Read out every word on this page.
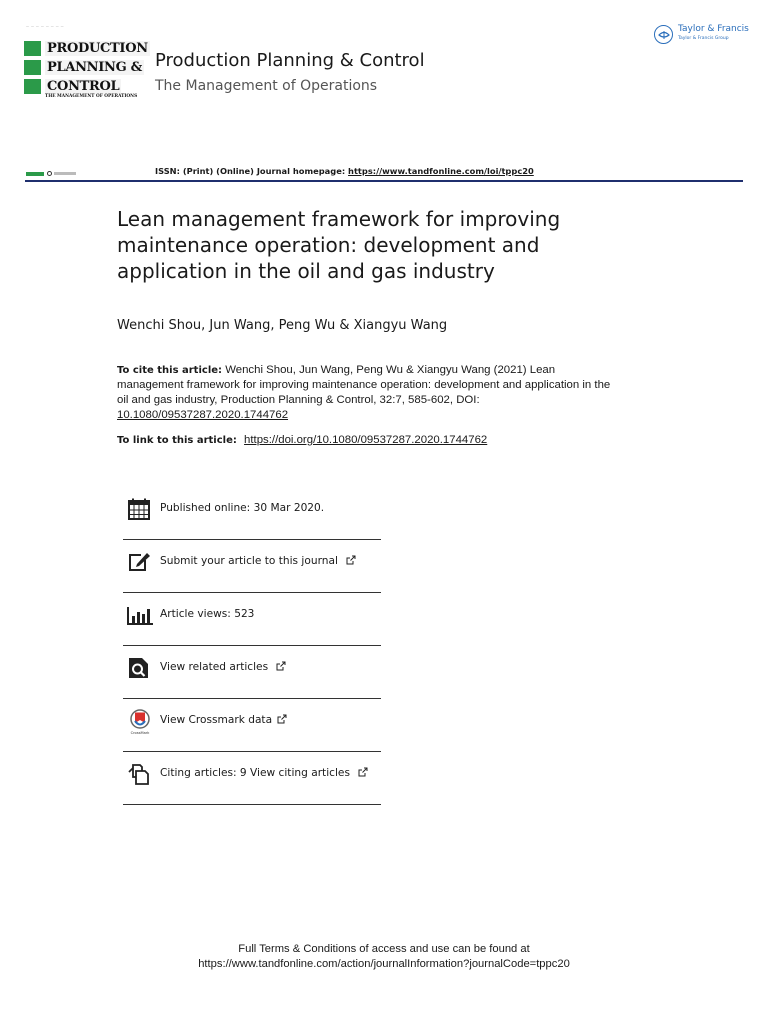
— — — — — — — —
PRODUCTION
PLANNING &
CONTROL
THE MANAGEMENT OF OPERATIONS
Production Planning & Control
The Management of Operations
Taylor & Francis
Taylor & Francis Group
ISSN: (Print) (Online) Journal homepage: https://www.tandfonline.com/loi/tppc20
Lean management framework for improving maintenance operation: development and application in the oil and gas industry
Wenchi Shou, Jun Wang, Peng Wu & Xiangyu Wang
To cite this article: Wenchi Shou, Jun Wang, Peng Wu & Xiangyu Wang (2021) Lean management framework for improving maintenance operation: development and application in the oil and gas industry, Production Planning & Control, 32:7, 585-602, DOI:
10.1080/09537287.2020.1744762
To link to this article: https://doi.org/10.1080/09537287.2020.1744762
Published online: 30 Mar 2020.
Submit your article to this journal
Article views: 523
View related articles
CrossMark
View Crossmark data
Citing articles: 9 View citing articles
Full Terms & Conditions of access and use can be found at
https://www.tandfonline.com/action/journalInformation?journalCode=tppc20
